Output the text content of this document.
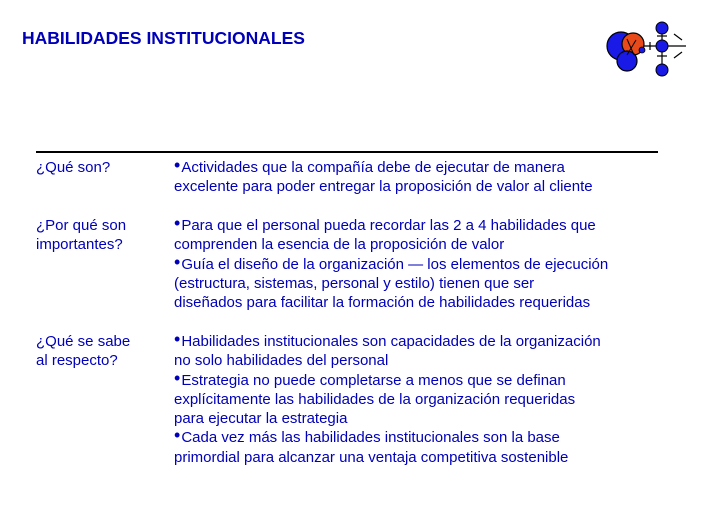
HABILIDADES INSTITUCIONALES
¿Qué son?	•Actividades que la compañía debe de ejecutar de manera
excelente para poder entregar la proposición de valor al cliente
¿Por qué son
importantes?
•Para que el personal pueda recordar las 2 a 4 habilidades que
comprenden la esencia de la proposición de valor
•Guía el diseño de la organización — los elementos de ejecución
(estructura, sistemas, personal y estilo) tienen que ser
diseñados para facilitar la formación de habilidades requeridas
¿Qué se sabe
al respecto?
•Habilidades institucionales son capacidades de la organización
no solo habilidades del personal
•Estrategia no puede completarse a menos que se definan
explícitamente las habilidades de la organización requeridas
para ejecutar la estrategia
•Cada vez más las habilidades institucionales son la base
primordial para alcanzar una ventaja competitiva sostenible
